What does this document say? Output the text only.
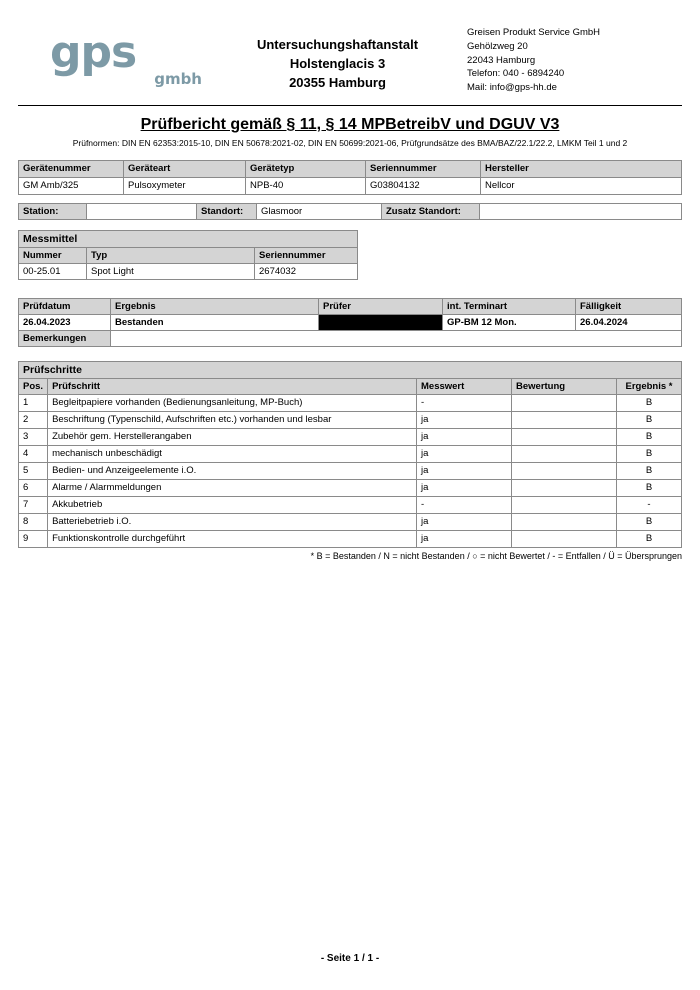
gps
gmbh
Untersuchungshaftanstalt
Holstenglacis 3
20355 Hamburg
Greisen Produkt Service GmbH
Gehölzweg 20
22043 Hamburg
Telefon: 040 - 6894240
Mail: info@gps-hh.de
Prüfbericht gemäß § 11, § 14 MPBetreibV und DGUV V3
Prüfnormen: DIN EN 62353:2015-10, DIN EN 50678:2021-02, DIN EN 50699:2021-06, Prüfgrundsätze des BMA/BAZ/22.1/22.2, LMKM Teil 1 und 2
Gerätenummer	Geräteart	Gerätetyp	Seriennummer	Hersteller
GM Amb/325	Pulsoxymeter	NPB-40	G03804132	Nellcor
Station:		Standort:	Glasmoor	Zusatz Standort:	
Messmittel		
Nummer	Typ	Seriennummer
00-25.01	Spot Light	2674032
Prüfdatum	Ergebnis	Prüfer	int. Terminart	Fälligkeit
26.04.2023	Bestanden		GP-BM 12 Mon.	26.04.2024
Bemerkungen				
Prüfschritte				
Pos.	Prüfschritt	Messwert	Bewertung	Ergebnis *
1	Begleitpapiere vorhanden (Bedienungsanleitung, MP-Buch)	-		B
2	Beschriftung (Typenschild, Aufschriften etc.) vorhanden und lesbar	ja		B
3	Zubehör gem. Herstellerangaben	ja		B
4	mechanisch unbeschädigt	ja		B
5	Bedien- und Anzeigeelemente i.O.	ja		B
6	Alarme / Alarmmeldungen	ja		B
7	Akkubetrieb	-		-
8	Batteriebetrieb i.O.	ja		B
9	Funktionskontrolle durchgeführt	ja		B
* B = Bestanden / N = nicht Bestanden / ○ = nicht Bewertet / - = Entfallen / Ü = Übersprungen
- Seite 1 / 1 -
